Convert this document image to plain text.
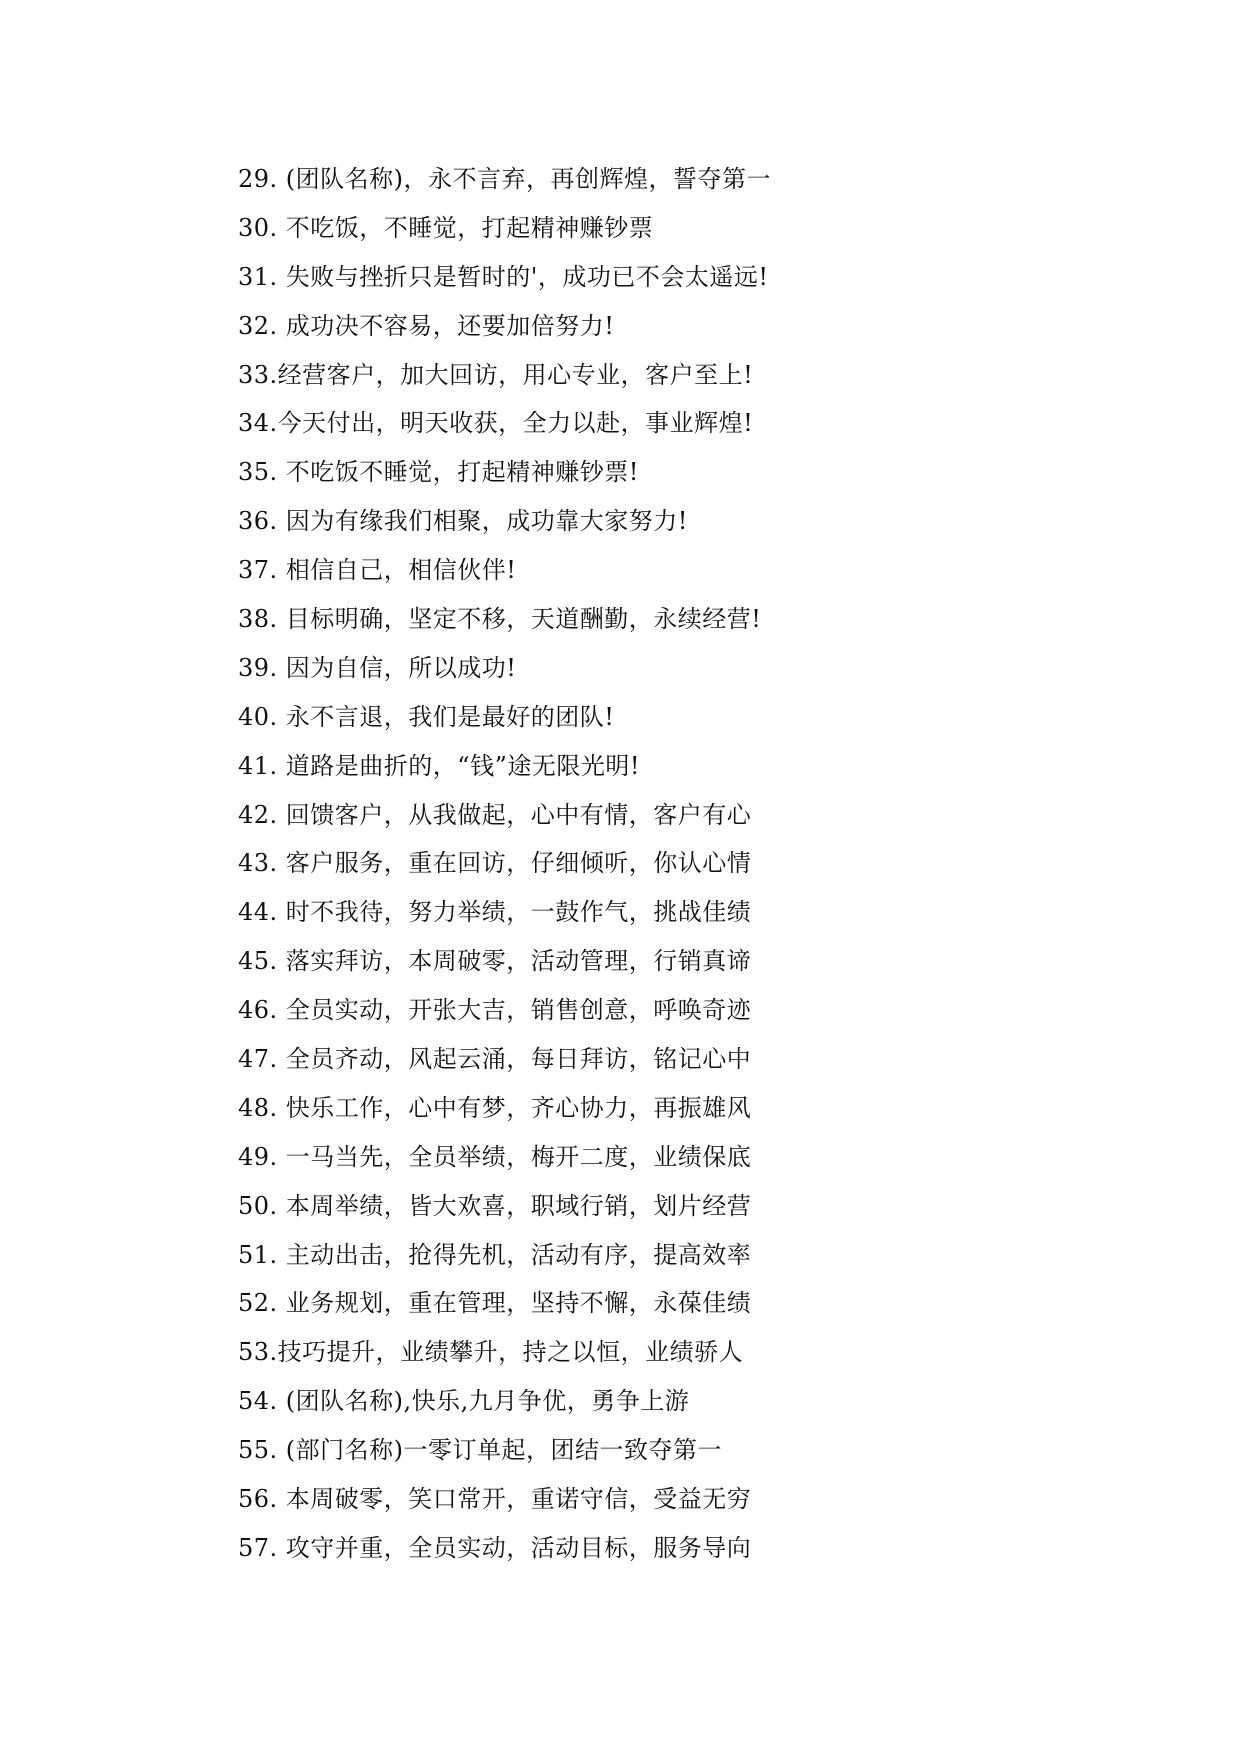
29. (团队名称)，永不言弃，再创辉煌，誓夺第一
30. 不吃饭，不睡觉，打起精神赚钞票
31. 失败与挫折只是暂时的'，成功已不会太遥远!
32. 成功决不容易，还要加倍努力!
33.经营客户，加大回访，用心专业，客户至上!
34.今天付出，明天收获，全力以赴，事业辉煌!
35. 不吃饭不睡觉，打起精神赚钞票!
36. 因为有缘我们相聚，成功靠大家努力!
37. 相信自己，相信伙伴!
38. 目标明确，坚定不移，天道酬勤，永续经营!
39. 因为自信，所以成功!
40. 永不言退，我们是最好的团队!
41. 道路是曲折的，“钱”途无限光明!
42. 回馈客户，从我做起，心中有情，客户有心
43. 客户服务，重在回访，仔细倾听，你认心情
44. 时不我待，努力举绩，一鼓作气，挑战佳绩
45. 落实拜访，本周破零，活动管理，行销真谛
46. 全员实动，开张大吉，销售创意，呼唤奇迹
47. 全员齐动，风起云涌，每日拜访，铭记心中
48. 快乐工作，心中有梦，齐心协力，再振雄风
49. 一马当先，全员举绩，梅开二度，业绩保底
50. 本周举绩，皆大欢喜，职域行销，划片经营
51. 主动出击，抢得先机，活动有序，提高效率
52. 业务规划，重在管理，坚持不懈，永葆佳绩
53.技巧提升，业绩攀升，持之以恒，业绩骄人
54. (团队名称),快乐,九月争优，勇争上游
55. (部门名称)一零订单起，团结一致夺第一
56. 本周破零，笑口常开，重诺守信，受益无穷
57. 攻守并重，全员实动，活动目标，服务导向
